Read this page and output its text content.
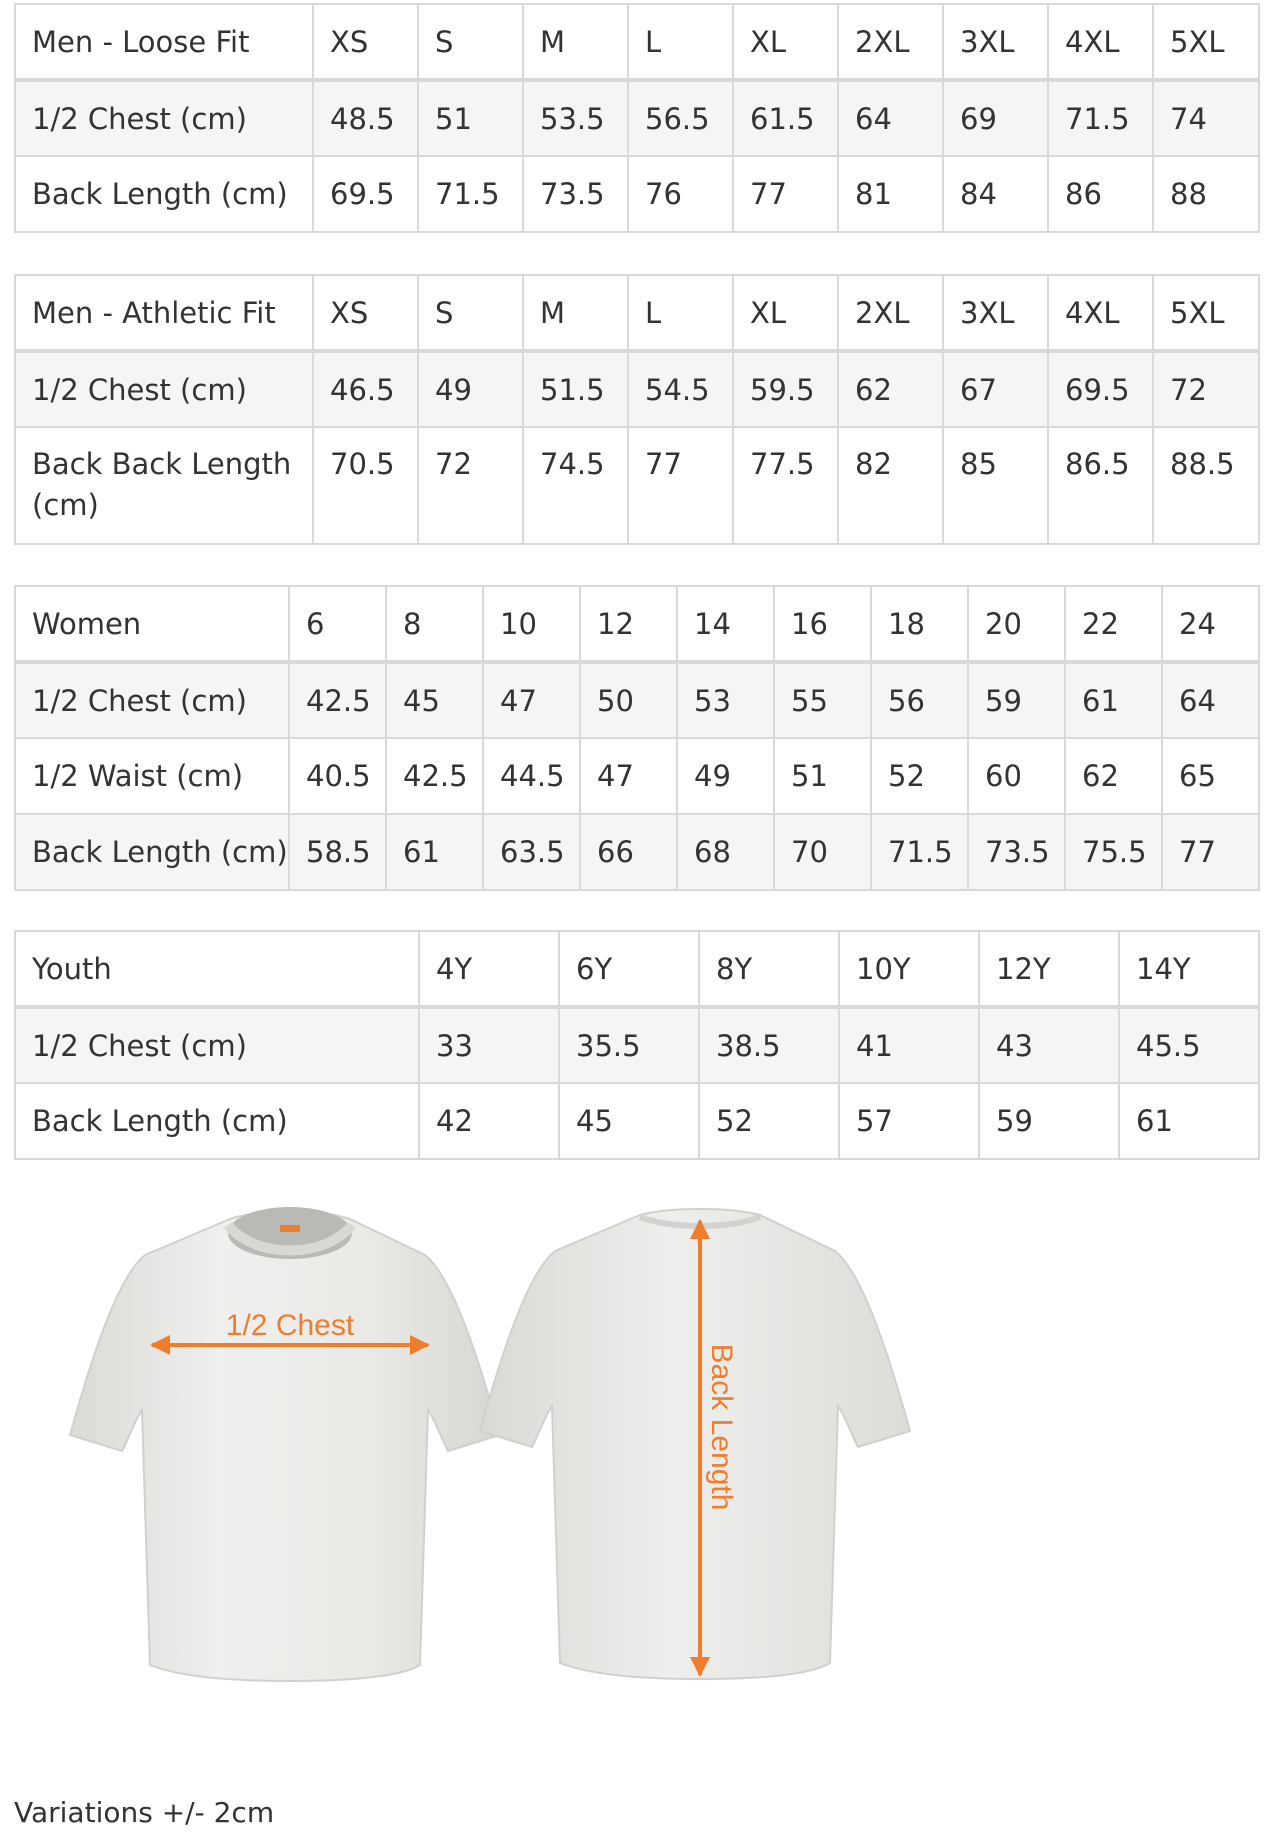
Men - Loose Fit	XS	S	M	L	XL	2XL	3XL	4XL	5XL
1/2 Chest (cm)	48.5	51	53.5	56.5	61.5	64	69	71.5	74
Back Length (cm)	69.5	71.5	73.5	76	77	81	84	86	88
Men - Athletic Fit	XS	S	M	L	XL	2XL	3XL	4XL	5XL
1/2 Chest (cm)	46.5	49	51.5	54.5	59.5	62	67	69.5	72
Back Back Length (cm)	70.5	72	74.5	77	77.5	82	85	86.5	88.5
Women	6	8	10	12	14	16	18	20	22	24
1/2 Chest (cm)	42.5	45	47	50	53	55	56	59	61	64
1/2 Waist (cm)	40.5	42.5	44.5	47	49	51	52	60	62	65
Back Length (cm)	58.5	61	63.5	66	68	70	71.5	73.5	75.5	77
Youth	4Y	6Y	8Y	10Y	12Y	14Y
1/2 Chest (cm)	33	35.5	38.5	41	43	45.5
Back Length (cm)	42	45	52	57	59	61
1/2 Chest
Back Length
Variations +/- 2cm
